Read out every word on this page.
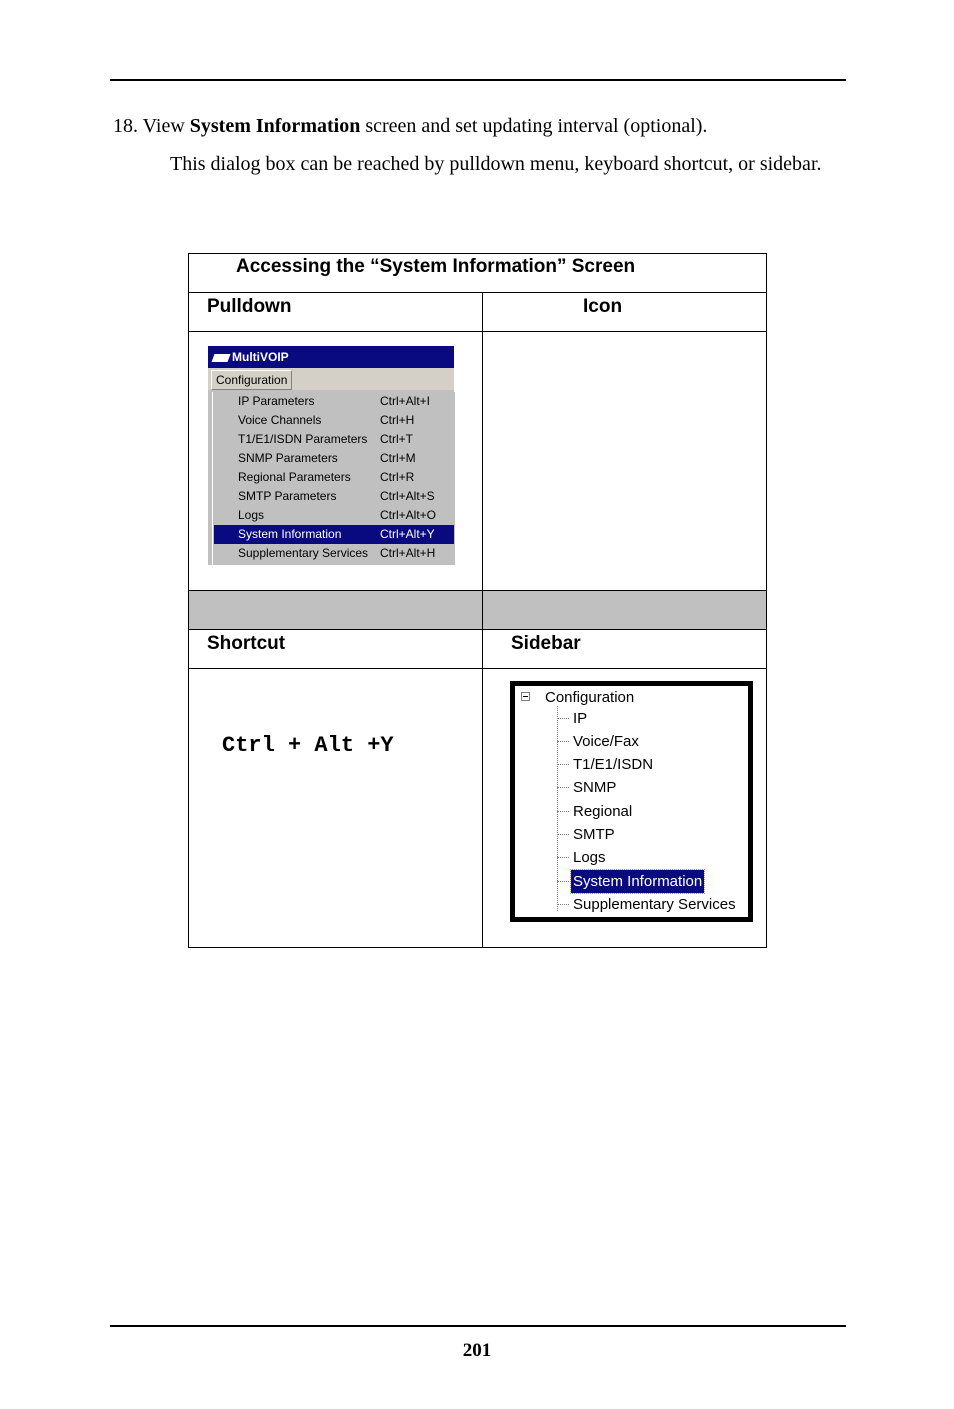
18. View System Information screen and set updating interval (optional).
This dialog box can be reached by pulldown menu, keyboard shortcut, or sidebar.
Accessing the “System Information” Screen
Pulldown	Icon
Shortcut	Sidebar
MultiVOIP
Configuration
IP Parameters	Ctrl+Alt+I
Voice Channels	Ctrl+H
T1/E1/ISDN Parameters Ctrl+T
SNMP Parameters	Ctrl+M
Regional Parameters Ctrl+R
SMTP Parameters	Ctrl+Alt+S
Logs	Ctrl+Alt+O
System Information	Ctrl+Alt+Y
Supplementary Services Ctrl+Alt+H
Ctrl + Alt +Y
Configuration
IP
Voice/Fax
T1/E1/ISDN
SNMP
Regional
SMTP
Logs
System Information
Supplementary Services
201
